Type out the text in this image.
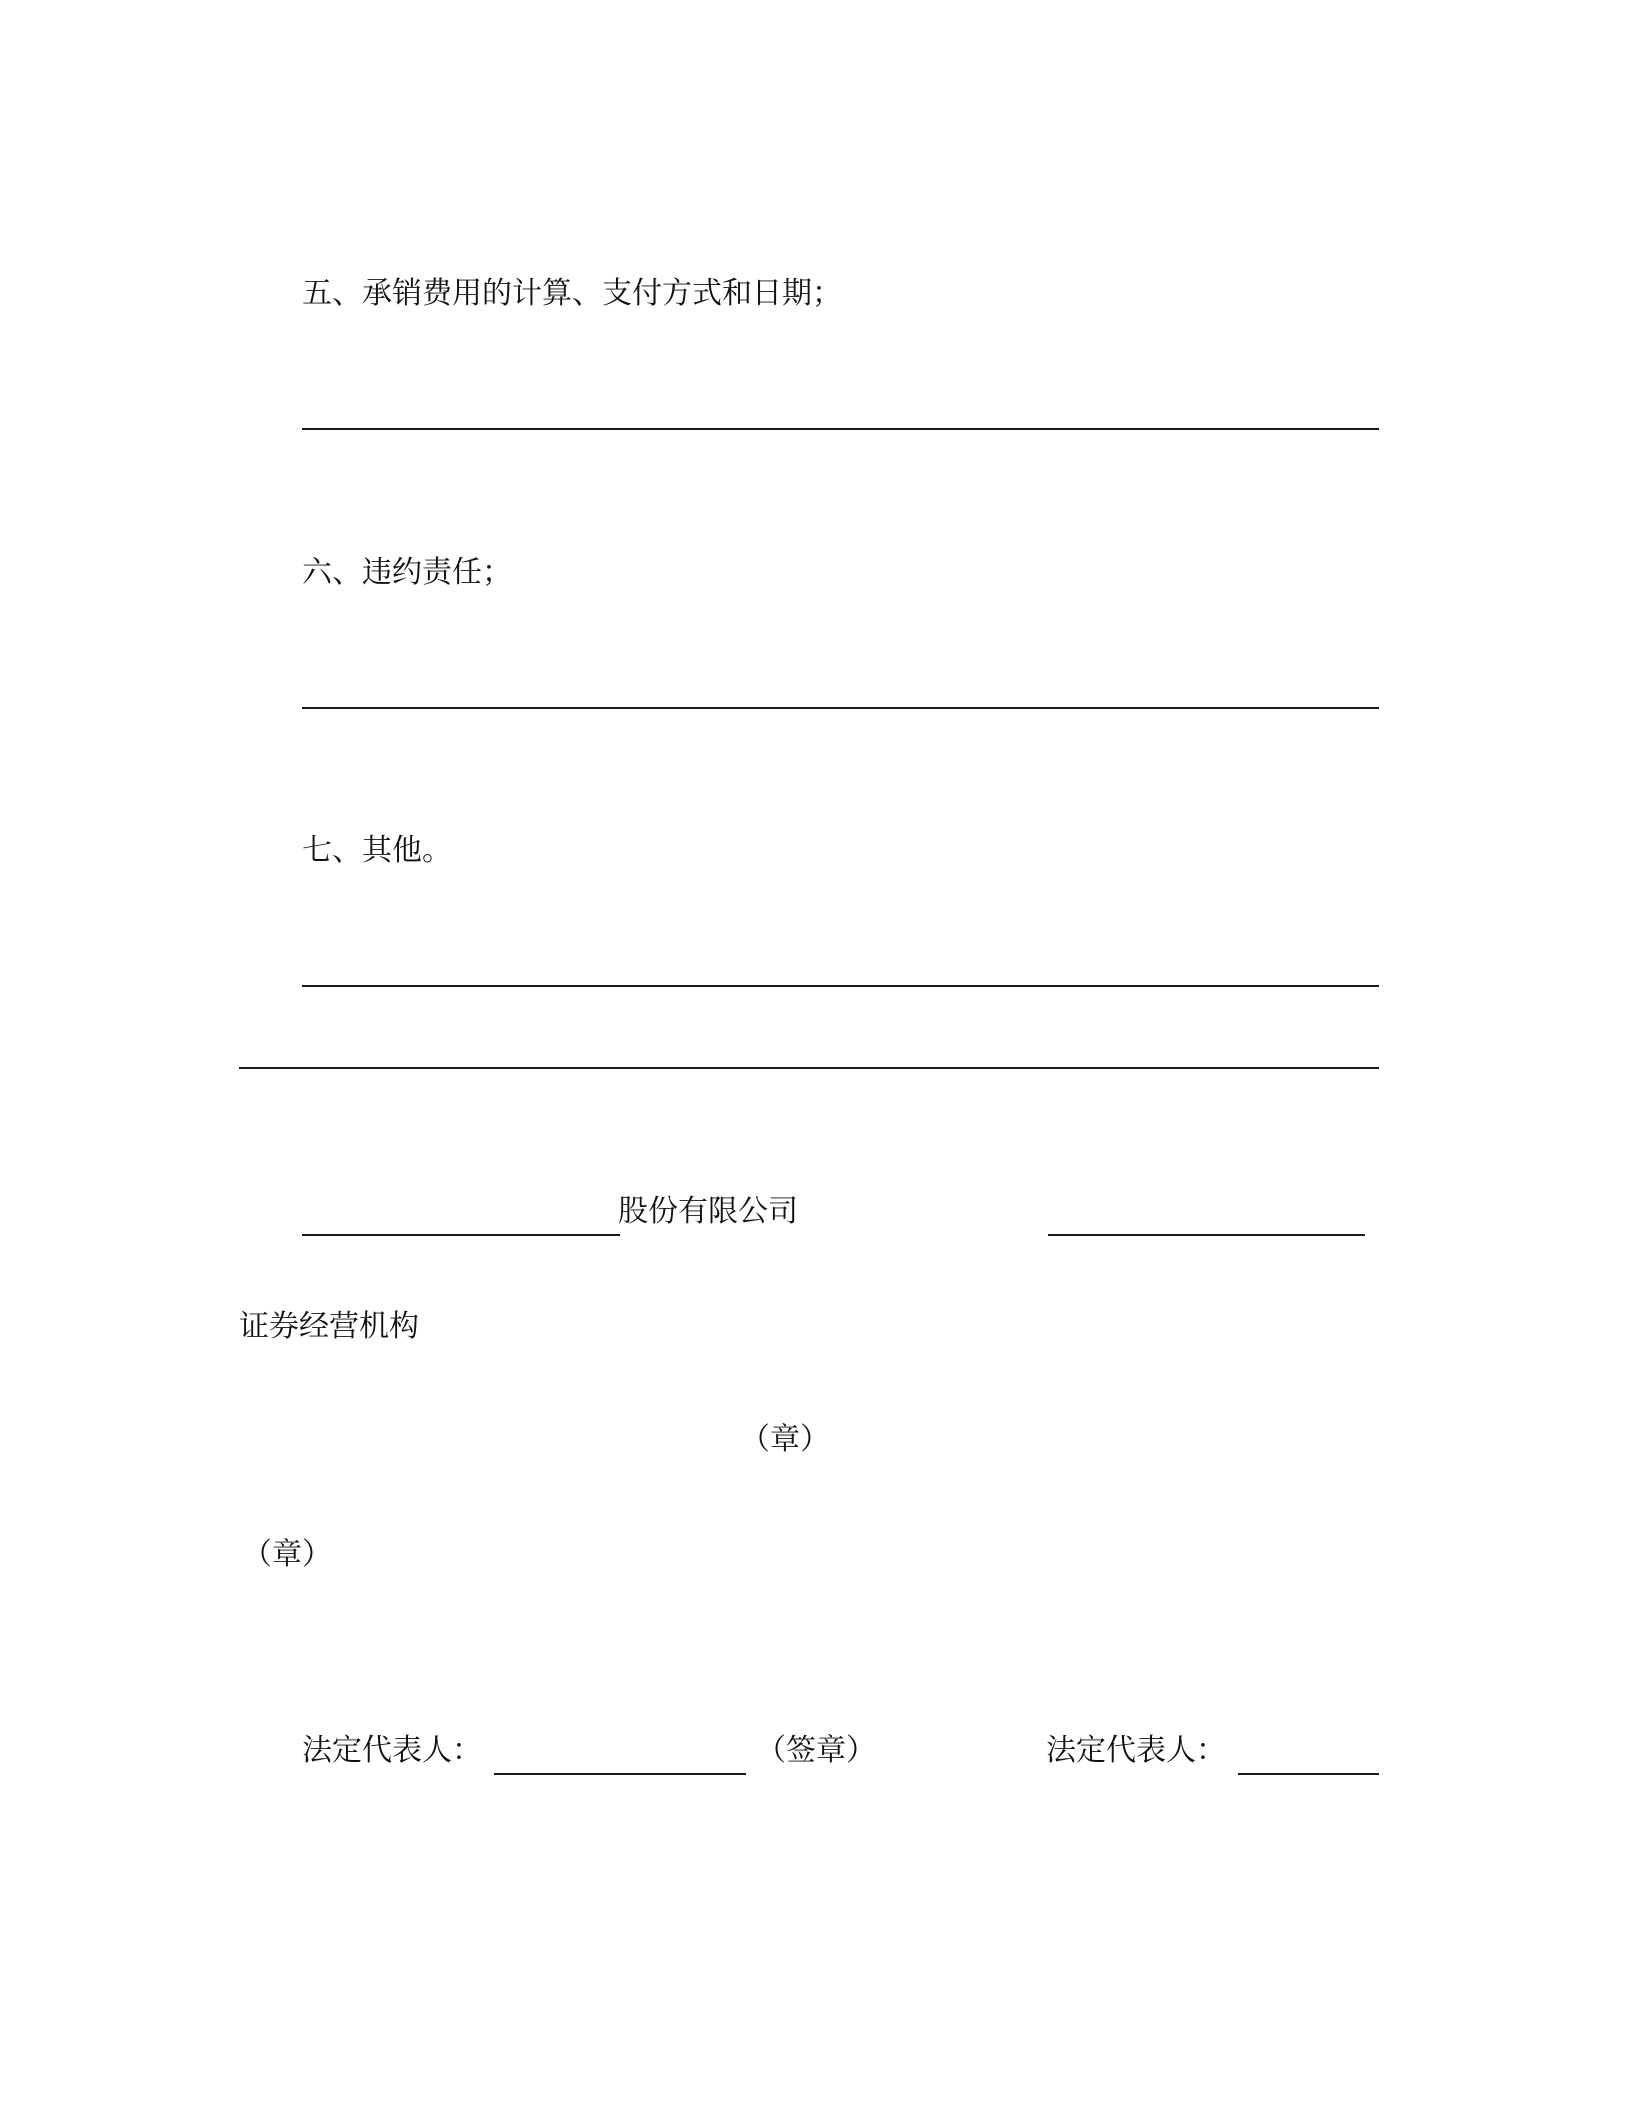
五、承销费用的计算、支付方式和日期；
六、违约责任；
七、其他。
股份有限公司
证券经营机构
（章）
（章）
法定代表人：	（签章）	法定代表人：
